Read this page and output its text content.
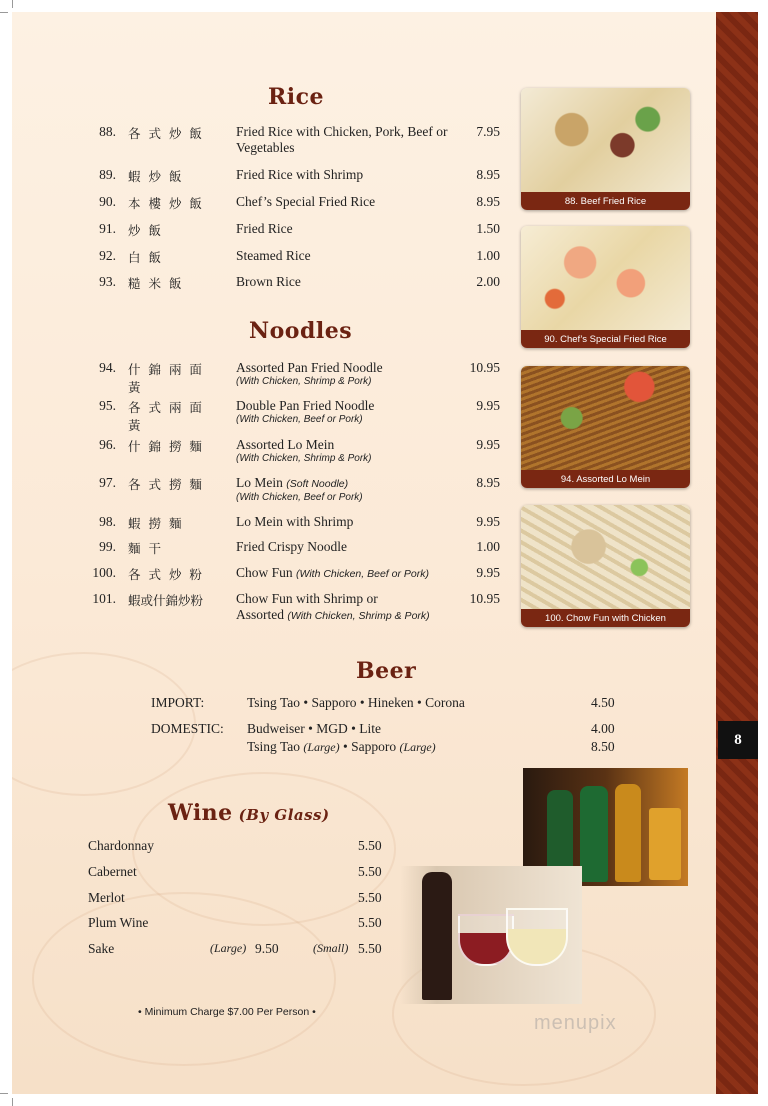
8
Rice
88. 各 式 炒 飯	Fried Rice with Chicken, Pork, Beef or Vegetables
7.95
89. 蝦 炒 飯	Fried Rice with Shrimp	8.95
90. 本 樓 炒 飯	Chef’s Special Fried Rice	8.95
91. 炒 飯	Fried Rice	1.50
92. 白 飯	Steamed Rice	1.00
93. 糙 米 飯	Brown Rice	2.00
Noodles
94. 什 錦 兩 面 黃
Assorted Pan Fried Noodle
(With Chicken, Shrimp & Pork)
10.95
95. 各 式 兩 面 黃
Double Pan Fried Noodle
(With Chicken, Beef or Pork)
9.95
96. 什 錦 撈 麵	Assorted Lo Mein
(With Chicken, Shrimp & Pork)
9.95
97. 各 式 撈 麵	Lo Mein (Soft Noodle)
(With Chicken, Beef or Pork)
8.95
98. 蝦 撈 麵	Lo Mein with Shrimp	9.95
99. 麵 干	Fried Crispy Noodle	1.00
100. 各 式 炒 粉	Chow Fun (With Chicken, Beef or Pork)	9.95
101. 蝦或什錦炒粉	Chow Fun with Shrimp or
Assorted (With Chicken, Shrimp & Pork)
10.95
88. Beef Fried Rice
90. Chef’s Special Fried Rice
94. Assorted Lo Mein
100. Chow Fun with Chicken
Beer
IMPORT:	Tsing Tao • Sapporo • Hineken • Corona	4.50
DOMESTIC: Budweiser • MGD • Lite	4.00
Tsing Tao (Large) • Sapporo (Large)	8.50
Wine (By Glass)
Chardonnay	5.50
Cabernet	5.50
Merlot	5.50
Plum Wine	5.50
Sake	(Large) 9.50	(Small) 5.50
• Minimum Charge $7.00 Per Person •	menupix
